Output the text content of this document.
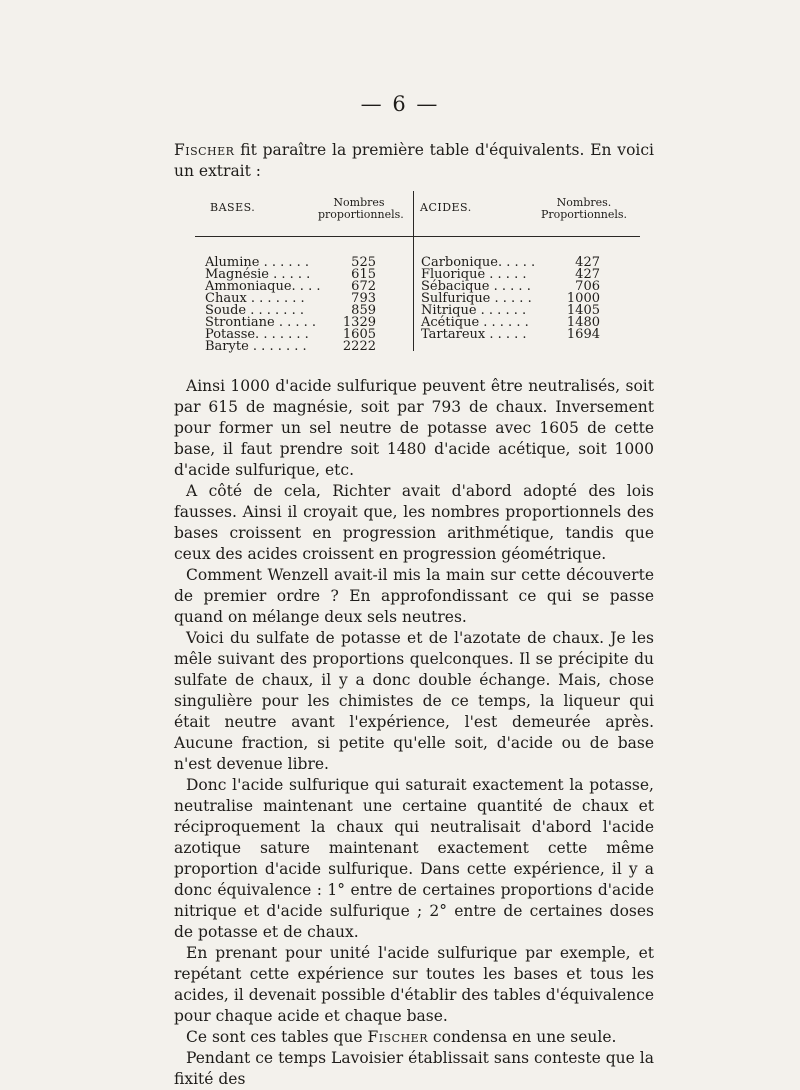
— 6 —
Fischer fit paraître la première table d'équivalents. En voici un extrait :
BASES.	Nombres proportionnels.
ACIDES.	Nombres. Proportionnels.
Alumine . . . . . .
Magnésie . . . . .
Ammoniaque. . . .
Chaux . . . . . . .
Soude . . . . . . .
Strontiane . . . . .
Potasse. . . . . . .
Baryte . . . . . . .
525
615
672
793
859
1329
1605
2222
Carbonique. . . . .
Fluorique . . . . .
Sébacique . . . . .
Sulfurique . . . . .
Nitrique . . . . . .
Acétique . . . . . .
Tartareux . . . . .
427
427
706
1000
1405
1480
1694

Ainsi 1000 d'acide sulfurique peuvent être neutralisés, soit par 615 de magnésie, soit par 793 de chaux. Inversement pour former un sel neutre de potasse avec 1605 de cette base, il faut prendre soit 1480 d'acide acétique, soit 1000 d'acide sulfurique, etc.

A côté de cela, Richter avait d'abord adopté des lois fausses. Ainsi il croyait que, les nombres proportionnels des bases croissent en progression arithmétique, tandis que ceux des acides croissent en progression géométrique.

Comment Wenzell avait-il mis la main sur cette découverte de premier ordre ? En approfondissant ce qui se passe quand on mélange deux sels neutres.

Voici du sulfate de potasse et de l'azotate de chaux. Je les mêle suivant des proportions quelconques. Il se précipite du sulfate de chaux, il y a donc double échange. Mais, chose singulière pour les chimistes de ce temps, la liqueur qui était neutre avant l'expérience, l'est demeurée après. Aucune fraction, si petite qu'elle soit, d'acide ou de base n'est devenue libre.

Donc l'acide sulfurique qui saturait exactement la potasse, neutralise maintenant une certaine quantité de chaux et réciproquement la chaux qui neutralisait d'abord l'acide azotique sature maintenant exactement cette même proportion d'acide sulfurique. Dans cette expérience, il y a donc équivalence : 1° entre de certaines proportions d'acide nitrique et d'acide sulfurique ; 2° entre de certaines doses de potasse et de chaux.

En prenant pour unité l'acide sulfurique par exemple, et repétant cette expérience sur toutes les bases et tous les acides, il devenait possible d'établir des tables d'équivalence pour chaque acide et chaque base.

Ce sont ces tables que Fischer condensa en une seule.

Pendant ce temps Lavoisier établissait sans conteste que la fixité des
